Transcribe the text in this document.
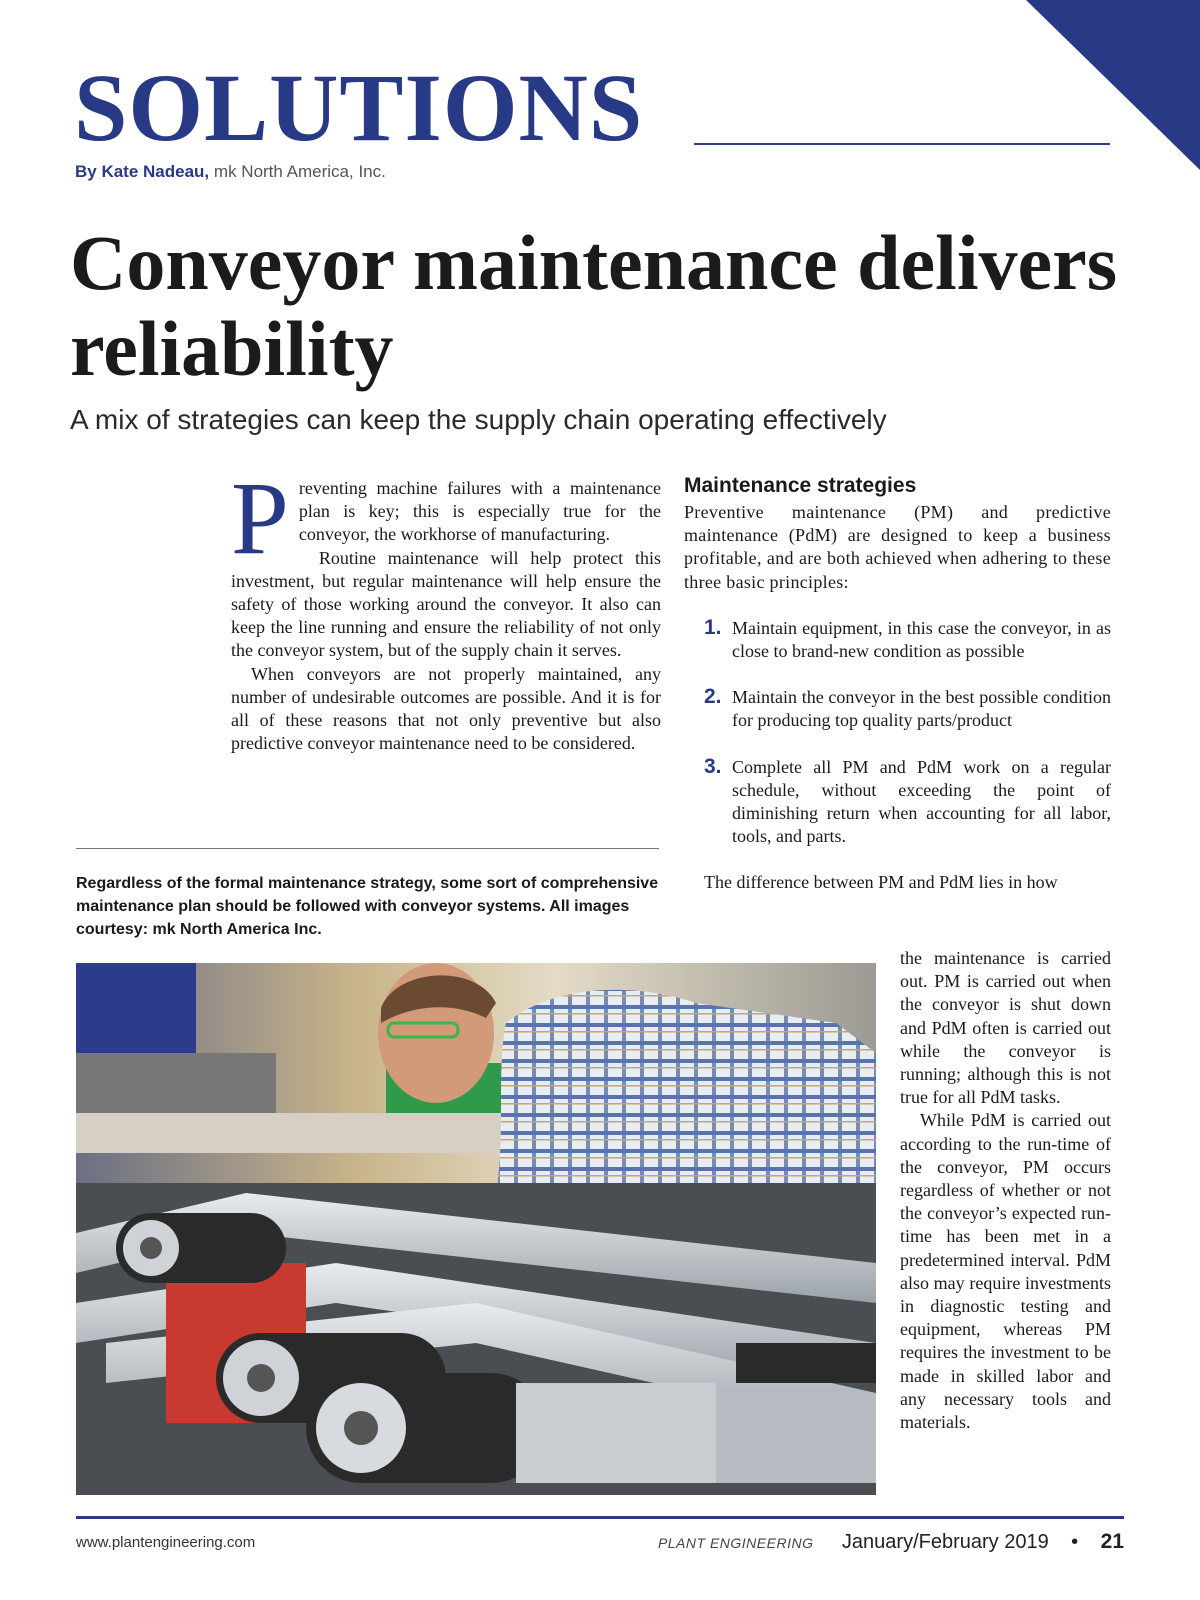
SOLUTIONS
By Kate Nadeau, mk North America, Inc.
Conveyor maintenance delivers reliability

A mix of strategies can keep the supply chain operating effectively

P reventing machine failures with a maintenance plan is key; this is especially true for the conveyor, the workhorse of manufacturing.

Routine maintenance will help protect this investment, but regular maintenance will help ensure the safety of those working around the conveyor. It also can keep the line running and ensure the reliability of not only the conveyor system, but of the supply chain it serves.

When conveyors are not properly maintained, any number of undesirable outcomes are possible. And it is for all of these reasons that not only preventive but also predictive conveyor maintenance need to be considered.

Regardless of the formal maintenance strategy, some sort of comprehensive maintenance plan should be followed with conveyor systems. All images courtesy: mk North America Inc.

Maintenance strategies

Preventive maintenance (PM) and predictive maintenance (PdM) are designed to keep a business profitable, and are both achieved when adhering to these three basic principles:

1. Maintain equipment, in this case the conveyor, in as close to brand-new condition as possible
2. Maintain the conveyor in the best possible condition for producing top quality parts/product
3. Complete all PM and PdM work on a regular schedule, without exceeding the point of diminishing return when accounting for all labor, tools, and parts.

The difference between PM and PdM lies in how

the maintenance is carried out. PM is carried out when the conveyor is shut down and PdM often is carried out while the conveyor is running; although this is not true for all PdM tasks.

While PdM is carried out according to the run-time of the conveyor, PM occurs regardless of whether or not the conveyor’s expected run-time has been met in a predetermined interval. PdM also may require investments in diagnostic testing and equipment, whereas PM requires the investment to be made in skilled labor and any necessary tools and materials.

www.plantengineering.com	PLANT ENGINEERING January/February 2019 • 21
